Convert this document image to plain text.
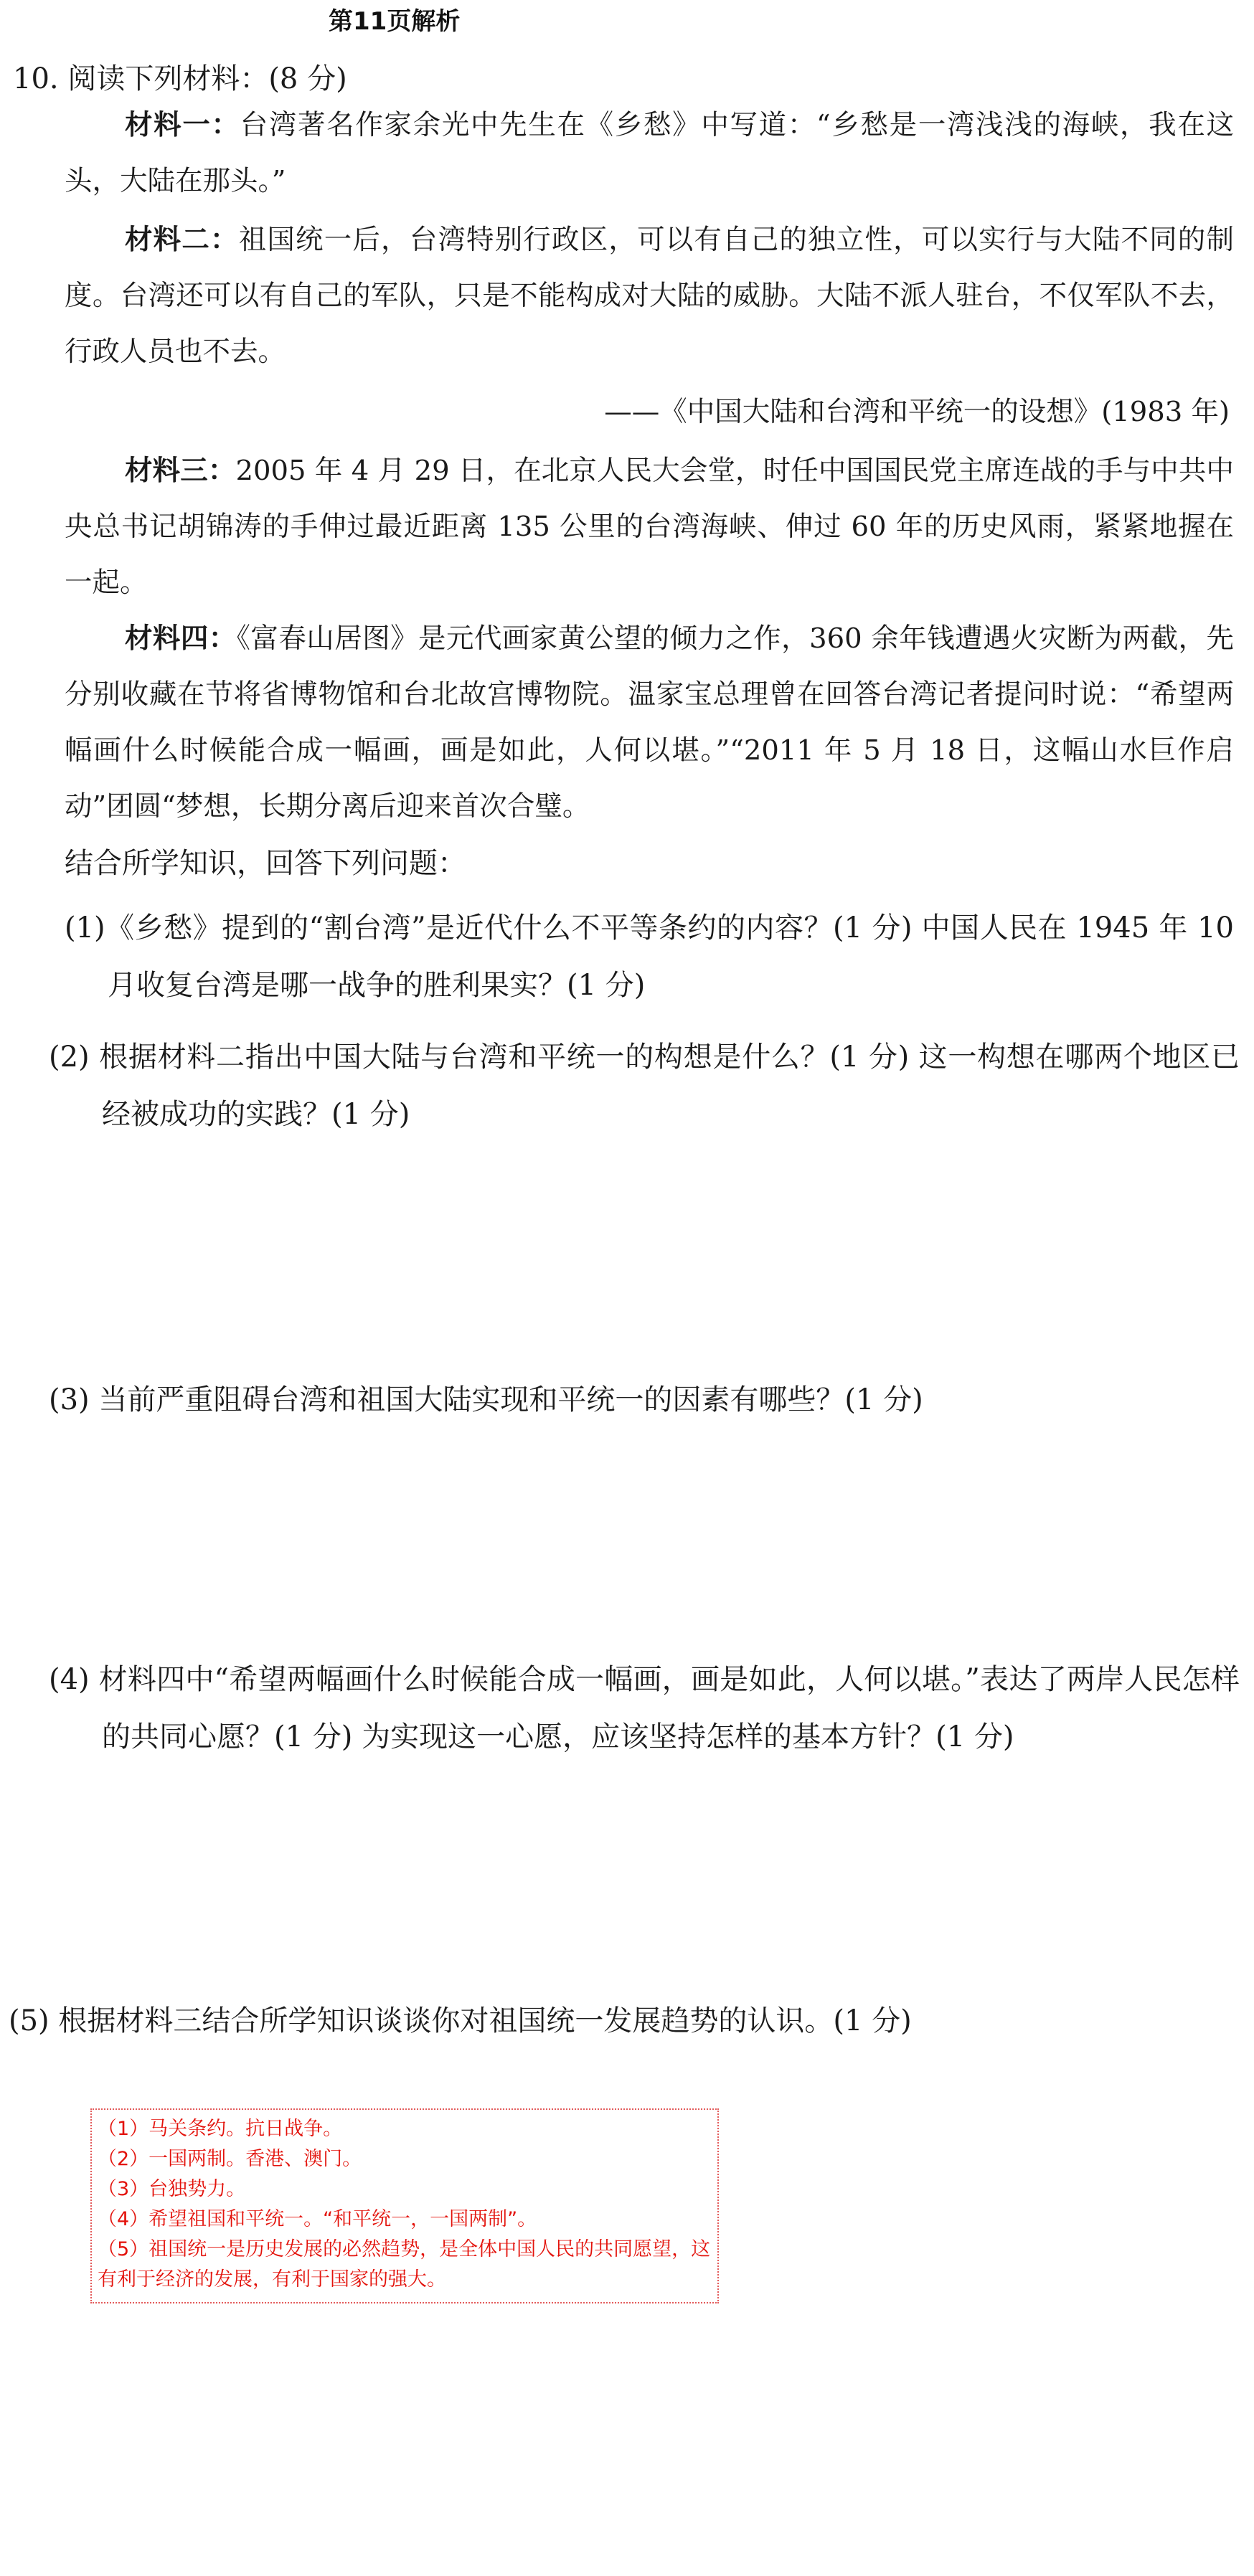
第11页解析
10. 阅读下列材料：(8 分)
材料一：台湾著名作家余光中先生在《乡愁》中写道：“乡愁是一湾浅浅的海峡，我在这头，大陆在那头。”
材料二：祖国统一后，台湾特别行政区，可以有自己的独立性，可以实行与大陆不同的制度。台湾还可以有自己的军队，只是不能构成对大陆的威胁。大陆不派人驻台，不仅军队不去，行政人员也不去。
——《中国大陆和台湾和平统一的设想》(1983 年)
材料三：2005 年 4 月 29 日，在北京人民大会堂，时任中国国民党主席连战的手与中共中央总书记胡锦涛的手伸过最近距离 135 公里的台湾海峡、伸过 60 年的历史风雨，紧紧地握在一起。
材料四：《富春山居图》是元代画家黄公望的倾力之作，360 余年钱遭遇火灾断为两截，先分别收藏在节将省博物馆和台北故宫博物院。温家宝总理曾在回答台湾记者提问时说：“希望两幅画什么时候能合成一幅画，画是如此，人何以堪。”“2011 年 5 月 18 日，这幅山水巨作启动”团圆“梦想，长期分离后迎来首次合璧。
结合所学知识，回答下列问题：
(1)《乡愁》提到的“割台湾”是近代什么不平等条约的内容？(1 分) 中国人民在 1945 年 10 月收复台湾是哪一战争的胜利果实？(1 分)
(2) 根据材料二指出中国大陆与台湾和平统一的构想是什么？(1 分) 这一构想在哪两个地区已经被成功的实践？(1 分)
(3) 当前严重阻碍台湾和祖国大陆实现和平统一的因素有哪些？(1 分)
(4) 材料四中“希望两幅画什么时候能合成一幅画，画是如此，人何以堪。”表达了两岸人民怎样的共同心愿？(1 分) 为实现这一心愿，应该坚持怎样的基本方针？(1 分)
(5) 根据材料三结合所学知识谈谈你对祖国统一发展趋势的认识。(1 分)
（1）马关条约。抗日战争。
（2）一国两制。香港、澳门。
（3）台独势力。
（4）希望祖国和平统一。“和平统一，一国两制”。
（5）祖国统一是历史发展的必然趋势，是全体中国人民的共同愿望，这有利于经济的发展，有利于国家的强大。
